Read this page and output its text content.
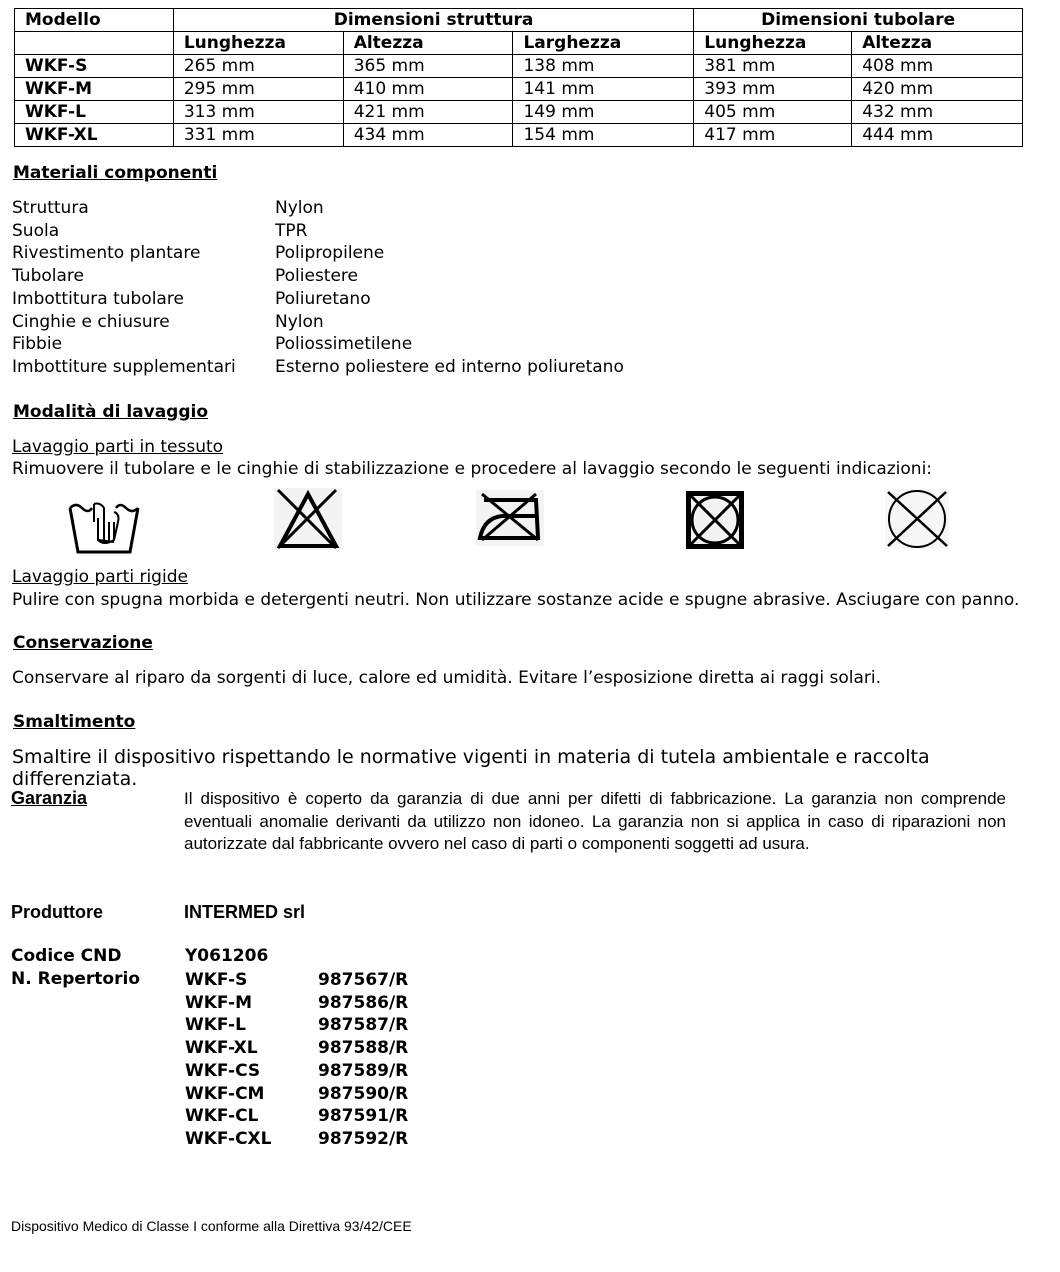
Modello	Dimensioni struttura			Dimensioni tubolare	
	Lunghezza	Altezza	Larghezza	Lunghezza	Altezza
WKF-S	265 mm	365 mm	138 mm	381 mm	408 mm
WKF-M	295 mm	410 mm	141 mm	393 mm	420 mm
WKF-L	313 mm	421 mm	149 mm	405 mm	432 mm
WKF-XL	331 mm	434 mm	154 mm	417 mm	444 mm
Materiali componenti
Struttura	Nylon
Suola	TPR
Rivestimento plantare	Polipropilene
Tubolare	Poliestere
Imbottitura tubolare	Poliuretano
Cinghie e chiusure	Nylon
Fibbie	Poliossimetilene
Imbottiture supplementari	Esterno poliestere ed interno poliuretano
Modalità di lavaggio
Lavaggio parti in tessuto
Rimuovere il tubolare e le cinghie di stabilizzazione e procedere al lavaggio secondo le seguenti indicazioni:
Lavaggio parti rigide
Pulire con spugna morbida e detergenti neutri. Non utilizzare sostanze acide e spugne abrasive. Asciugare con panno.
Conservazione
Conservare al riparo da sorgenti di luce, calore ed umidità. Evitare l’esposizione diretta ai raggi solari.
Smaltimento
Smaltire il dispositivo rispettando le normative vigenti in materia di tutela ambientale e raccolta differenziata.
Garanzia	Il dispositivo è coperto da garanzia di due anni per difetti di fabbricazione. La garanzia non comprende eventuali anomalie derivanti da utilizzo non idoneo. La garanzia non si applica in caso di riparazioni non autorizzate dal fabbricante ovvero nel caso di parti o componenti soggetti ad usura.
Produttore	INTERMED srl
Codice CND	Y061206
N. Repertorio	WKF-S	987567/R
WKF-M	987586/R
WKF-L	987587/R
WKF-XL	987588/R
WKF-CS	987589/R
WKF-CM	987590/R
WKF-CL	987591/R
WKF-CXL	987592/R
Dispositivo Medico di Classe I conforme alla Direttiva 93/42/CEE
